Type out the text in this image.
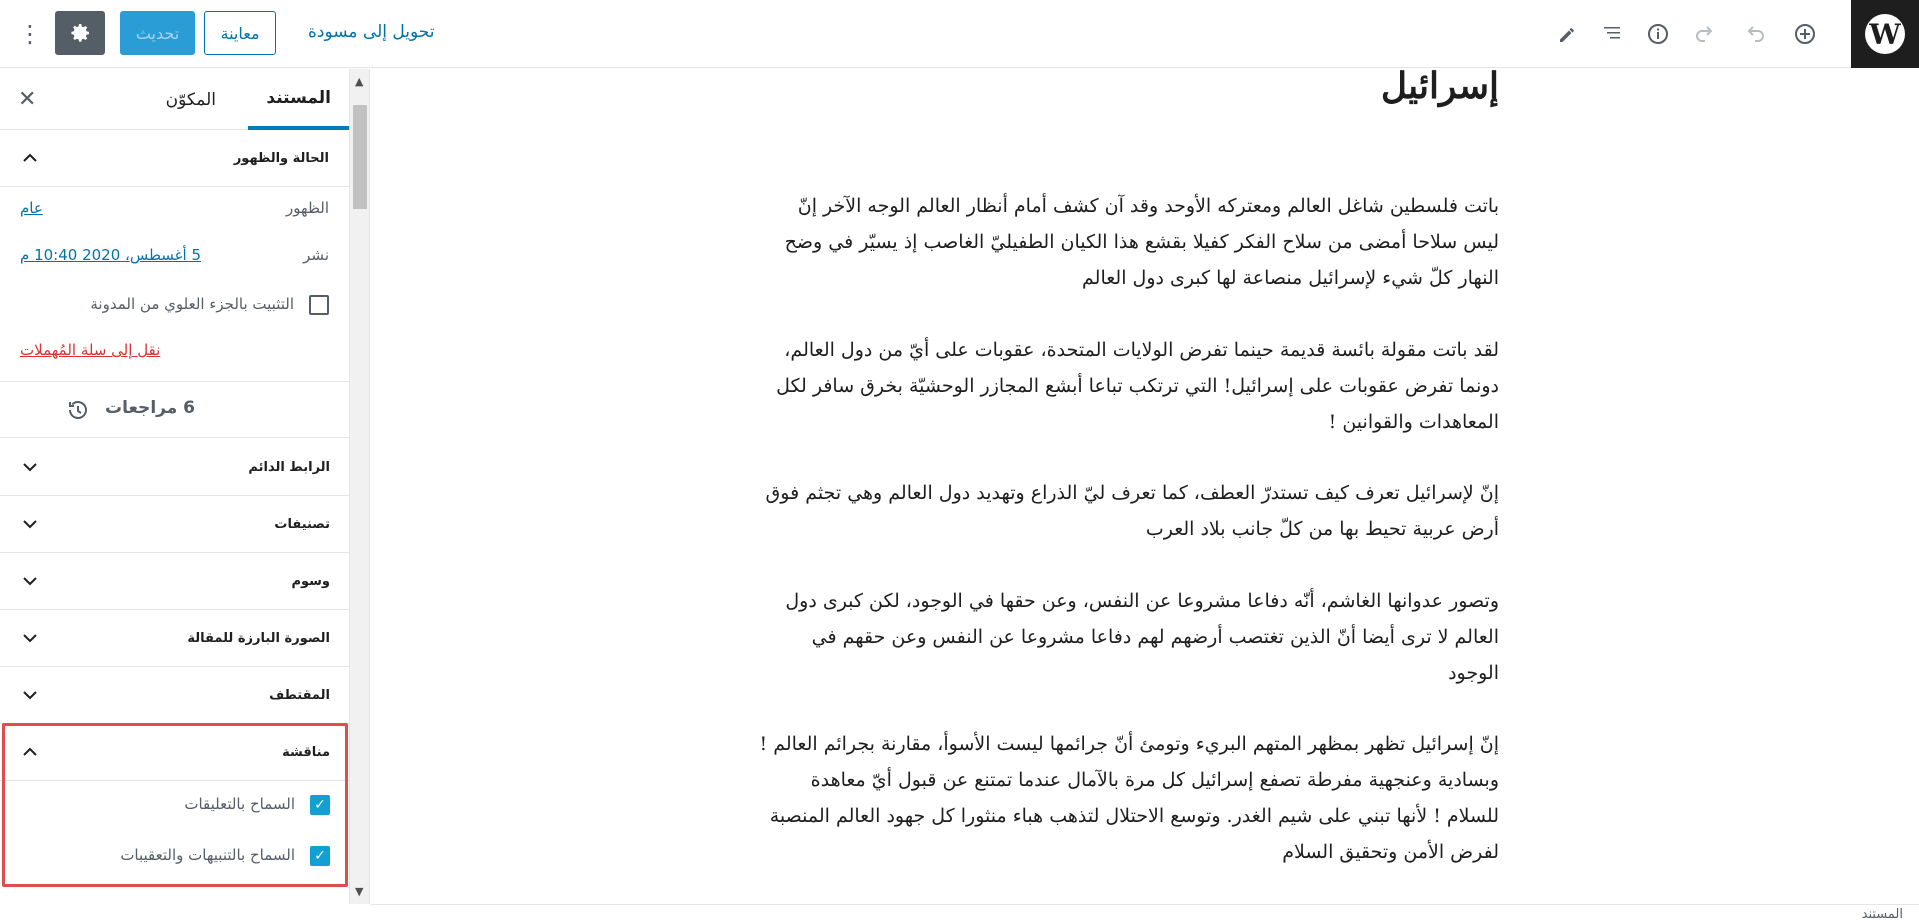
⋮	تحديث	معاينة	تحويل إلى مسودة	W
المستند
المكوّن
✕
الحالة والظهور
الظهور
عام
نشر
5 أغسطس، 2020 10:40 م
التثبيت بالجزء العلوي من المدونة
نقل إلى سلة المُهملات
6 مراجعات
الرابط الدائم
تصنيفات
وسوم
الصورة البارزة للمقالة
المقتطف
مناقشة
✓
السماح بالتعليقات
✓
السماح بالتنبيهات والتعقيبات
▲
▼
إسرائيل

باتت فلسطين شاغل العالم ومعتركه الأوحد وقد آن كشف أمام أنظار العالم الوجه الآخر إنّ ليس سلاحا أمضى من سلاح الفكر كفيلا بقشع هذا الكيان الطفيليّ الغاصب إذ يسيّر في وضح النهار كلّ شيء لإسرائيل منصاعة لها كبرى دول العالم

لقد باتت مقولة بائسة قديمة حينما تفرض الولايات المتحدة، عقوبات على أيّ من دول العالم، دونما تفرض عقوبات على إسرائيل! التي ترتكب تباعا أبشع المجازر الوحشيّة بخرق سافر لكل المعاهدات والقوانين !

إنّ لإسرائيل تعرف كيف تستدرّ العطف، كما تعرف ليّ الذراع وتهديد دول العالم وهي تجثم فوق أرض عربية تحيط بها من كلّ جانب بلاد العرب

وتصور عدوانها الغاشم، أنّه دفاعا مشروعا عن النفس، وعن حقها في الوجود، لكن كبرى دول العالم لا ترى أيضا أنّ الذين تغتصب أرضهم لهم دفاعا مشروعا عن النفس وعن حقهم في الوجود

إنّ إسرائيل تظهر بمظهر المتهم البريء وتومئ أنّ جرائمها ليست الأسوأ، مقارنة بجرائم العالم ! وبسادية وعنجهية مفرطة تصفع إسرائيل كل مرة بالآمال عندما تمتنع عن قبول أيّ معاهدة للسلام ! لأنها تبني على شيم الغدر. وتوسع الاحتلال لتذهب هباء منثورا كل جهود العالم المنصبة لفرض الأمن وتحقيق السلام

المستند
